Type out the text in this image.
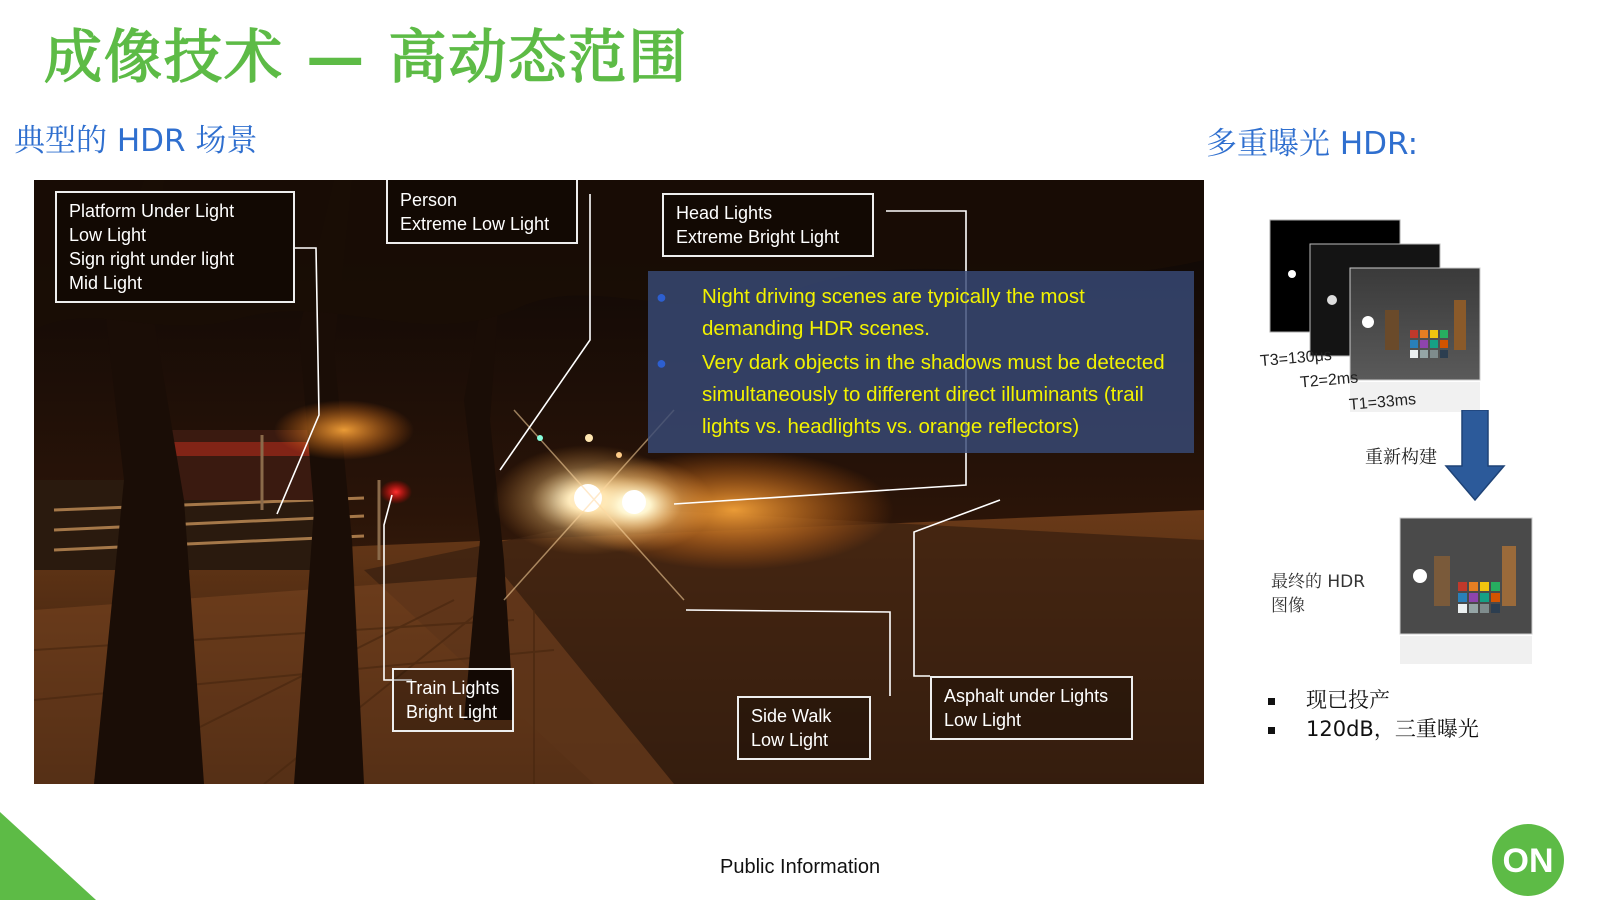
成像技术 — 高动态范围
典型的 HDR 场景	多重曝光 HDR:
Platform Under Light
Low Light
Sign right under light
Mid Light
Person
Extreme Low Light
Head Lights
Extreme Bright Light
● Night driving scenes are typically the most demanding HDR scenes.
● Very dark objects in the shadows must be detected simultaneously to different direct illuminants (trail lights vs. headlights vs. orange reflectors)
Train Lights
Bright Light	Side Walk
Low Light
Asphalt under Lights
Low Light
T3=130μs
T2=2ms
T1=33ms
重新构建
最终的 HDR
图像
现已投产
120dB，三重曝光
Public Information	ON
